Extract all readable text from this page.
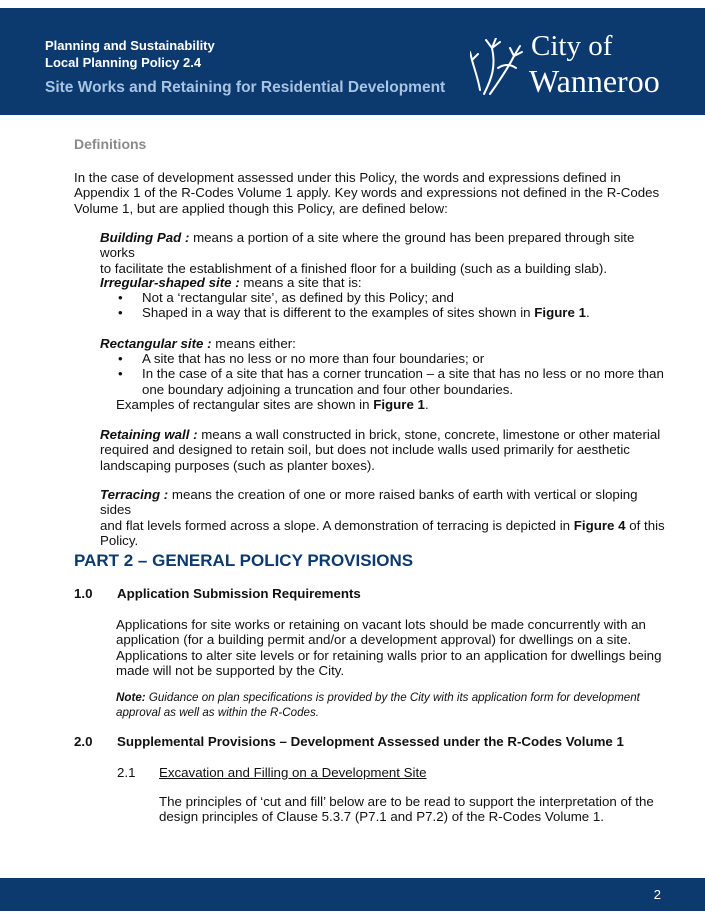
Planning and Sustainability
Local Planning Policy 2.4
Site Works and Retaining for Residential Development
City of
Wanneroo
Definitions

In the case of development assessed under this Policy, the words and expressions defined in

Appendix 1 of the R-Codes Volume 1 apply. Key words and expressions not defined in the R-Codes

Volume 1, but are applied though this Policy, are defined below:

Building Pad : means a portion of a site where the ground has been prepared through site works

to facilitate the establishment of a finished floor for a building (such as a building slab).

Irregular-shaped site : means a site that is:

• Not a ‘rectangular site’, as defined by this Policy; and
• Shaped in a way that is different to the examples of sites shown in Figure 1.

Rectangular site : means either:

• A site that has no less or no more than four boundaries; or
• In the case of a site that has a corner truncation – a site that has no less or no more than
one boundary adjoining a truncation and four other boundaries.
Examples of rectangular sites are shown in Figure 1.

Retaining wall : means a wall constructed in brick, stone, concrete, limestone or other material

required and designed to retain soil, but does not include walls used primarily for aesthetic

landscaping purposes (such as planter boxes).

Terracing : means the creation of one or more raised banks of earth with vertical or sloping sides

and flat levels formed across a slope. A demonstration of terracing is depicted in Figure 4 of this

Policy.

PART 2 – GENERAL POLICY PROVISIONS
1.0 Application Submission Requirements

Applications for site works or retaining on vacant lots should be made concurrently with an

application (for a building permit and/or a development approval) for dwellings on a site.

Applications to alter site levels or for retaining walls prior to an application for dwellings being

made will not be supported by the City.

Note: Guidance on plan specifications is provided by the City with its application form for development

approval as well as within the R-Codes.

2.0 Supplemental Provisions – Development Assessed under the R-Codes Volume 1
2.1 Excavation and Filling on a Development Site

The principles of ‘cut and fill’ below are to be read to support the interpretation of the

design principles of Clause 5.3.7 (P7.1 and P7.2) of the R-Codes Volume 1.

2
